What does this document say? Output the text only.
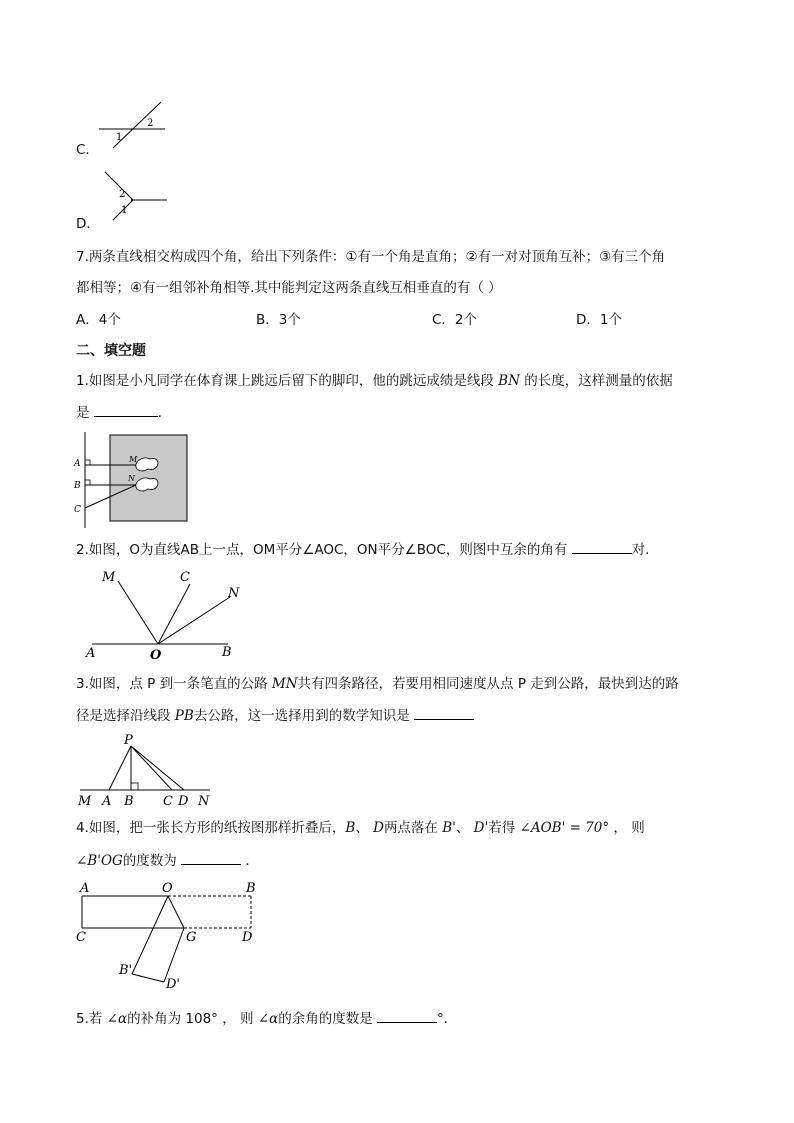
C．
1
2
D．
2
1
7.两条直线相交构成四个角，给出下列条件：①有一个角是直角；②有一对对顶角互补；③有三个角
都相等；④有一组邻补角相等.其中能判定这两条直线互相垂直的有（ ）
A．4个	B．3个	C．2个	D．1个
二、填空题
1.如图是小凡同学在体育课上跳远后留下的脚印，他的跳远成绩是线段 BN 的长度，这样测量的依据
是	．
A
B
C
M
N
2.如图，O为直线AB上一点，OM平分∠AOC，ON平分∠BOC，则图中互余的角有	对.
M	C
N
A	O	B
3.如图，点 P 到一条笔直的公路 MN共有四条路径，若要用相同速度从点 P 走到公路，最快到达的路
径是选择沿线段 PB去公路，这一选择用到的数学知识是
P
M A B C D N
4.如图，把一张长方形的纸按图那样折叠后，B、 D两点落在 B'、 D'若得 ∠AOB' = 70° ， 则
∠B'OG的度数为	．
A	O	B
C	G	D
B'
D'
5.若 ∠α的补角为 108° ， 则 ∠α的余角的度数是	°．
